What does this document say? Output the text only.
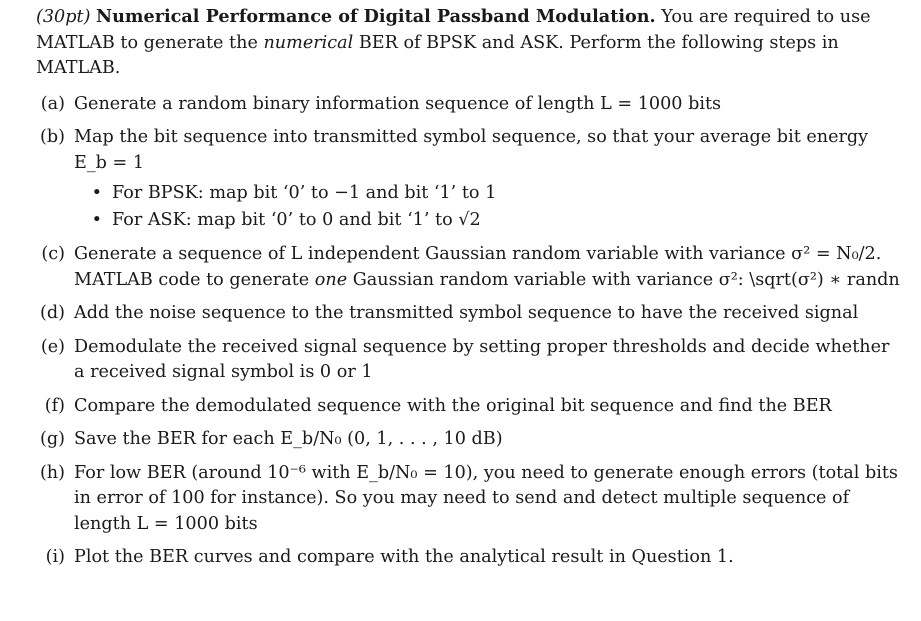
(30pt) Numerical Performance of Digital Passband Modulation. You are required to use MATLAB to generate the numerical BER of BPSK and ASK. Perform the following steps in MATLAB.

(a) Generate a random binary information sequence of length L = 1000 bits
(b) Map the bit sequence into transmitted symbol sequence, so that your average bit energy E_b = 1
• For BPSK: map bit ‘0’ to −1 and bit ‘1’ to 1
• For ASK: map bit ‘0’ to 0 and bit ‘1’ to √2
(c) Generate a sequence of L independent Gaussian random variable with variance σ² = N₀/2. MATLAB code to generate one Gaussian random variable with variance σ²: \sqrt(σ²) ∗ randn
(d) Add the noise sequence to the transmitted symbol sequence to have the received signal
(e) Demodulate the received signal sequence by setting proper thresholds and decide whether a received signal symbol is 0 or 1
(f) Compare the demodulated sequence with the original bit sequence and find the BER
(g) Save the BER for each E_b/N₀ (0, 1, . . . , 10 dB)
(h) For low BER (around 10⁻⁶ with E_b/N₀ = 10), you need to generate enough errors (total bits in error of 100 for instance). So you may need to send and detect multiple sequence of length L = 1000 bits
(i) Plot the BER curves and compare with the analytical result in Question 1.
